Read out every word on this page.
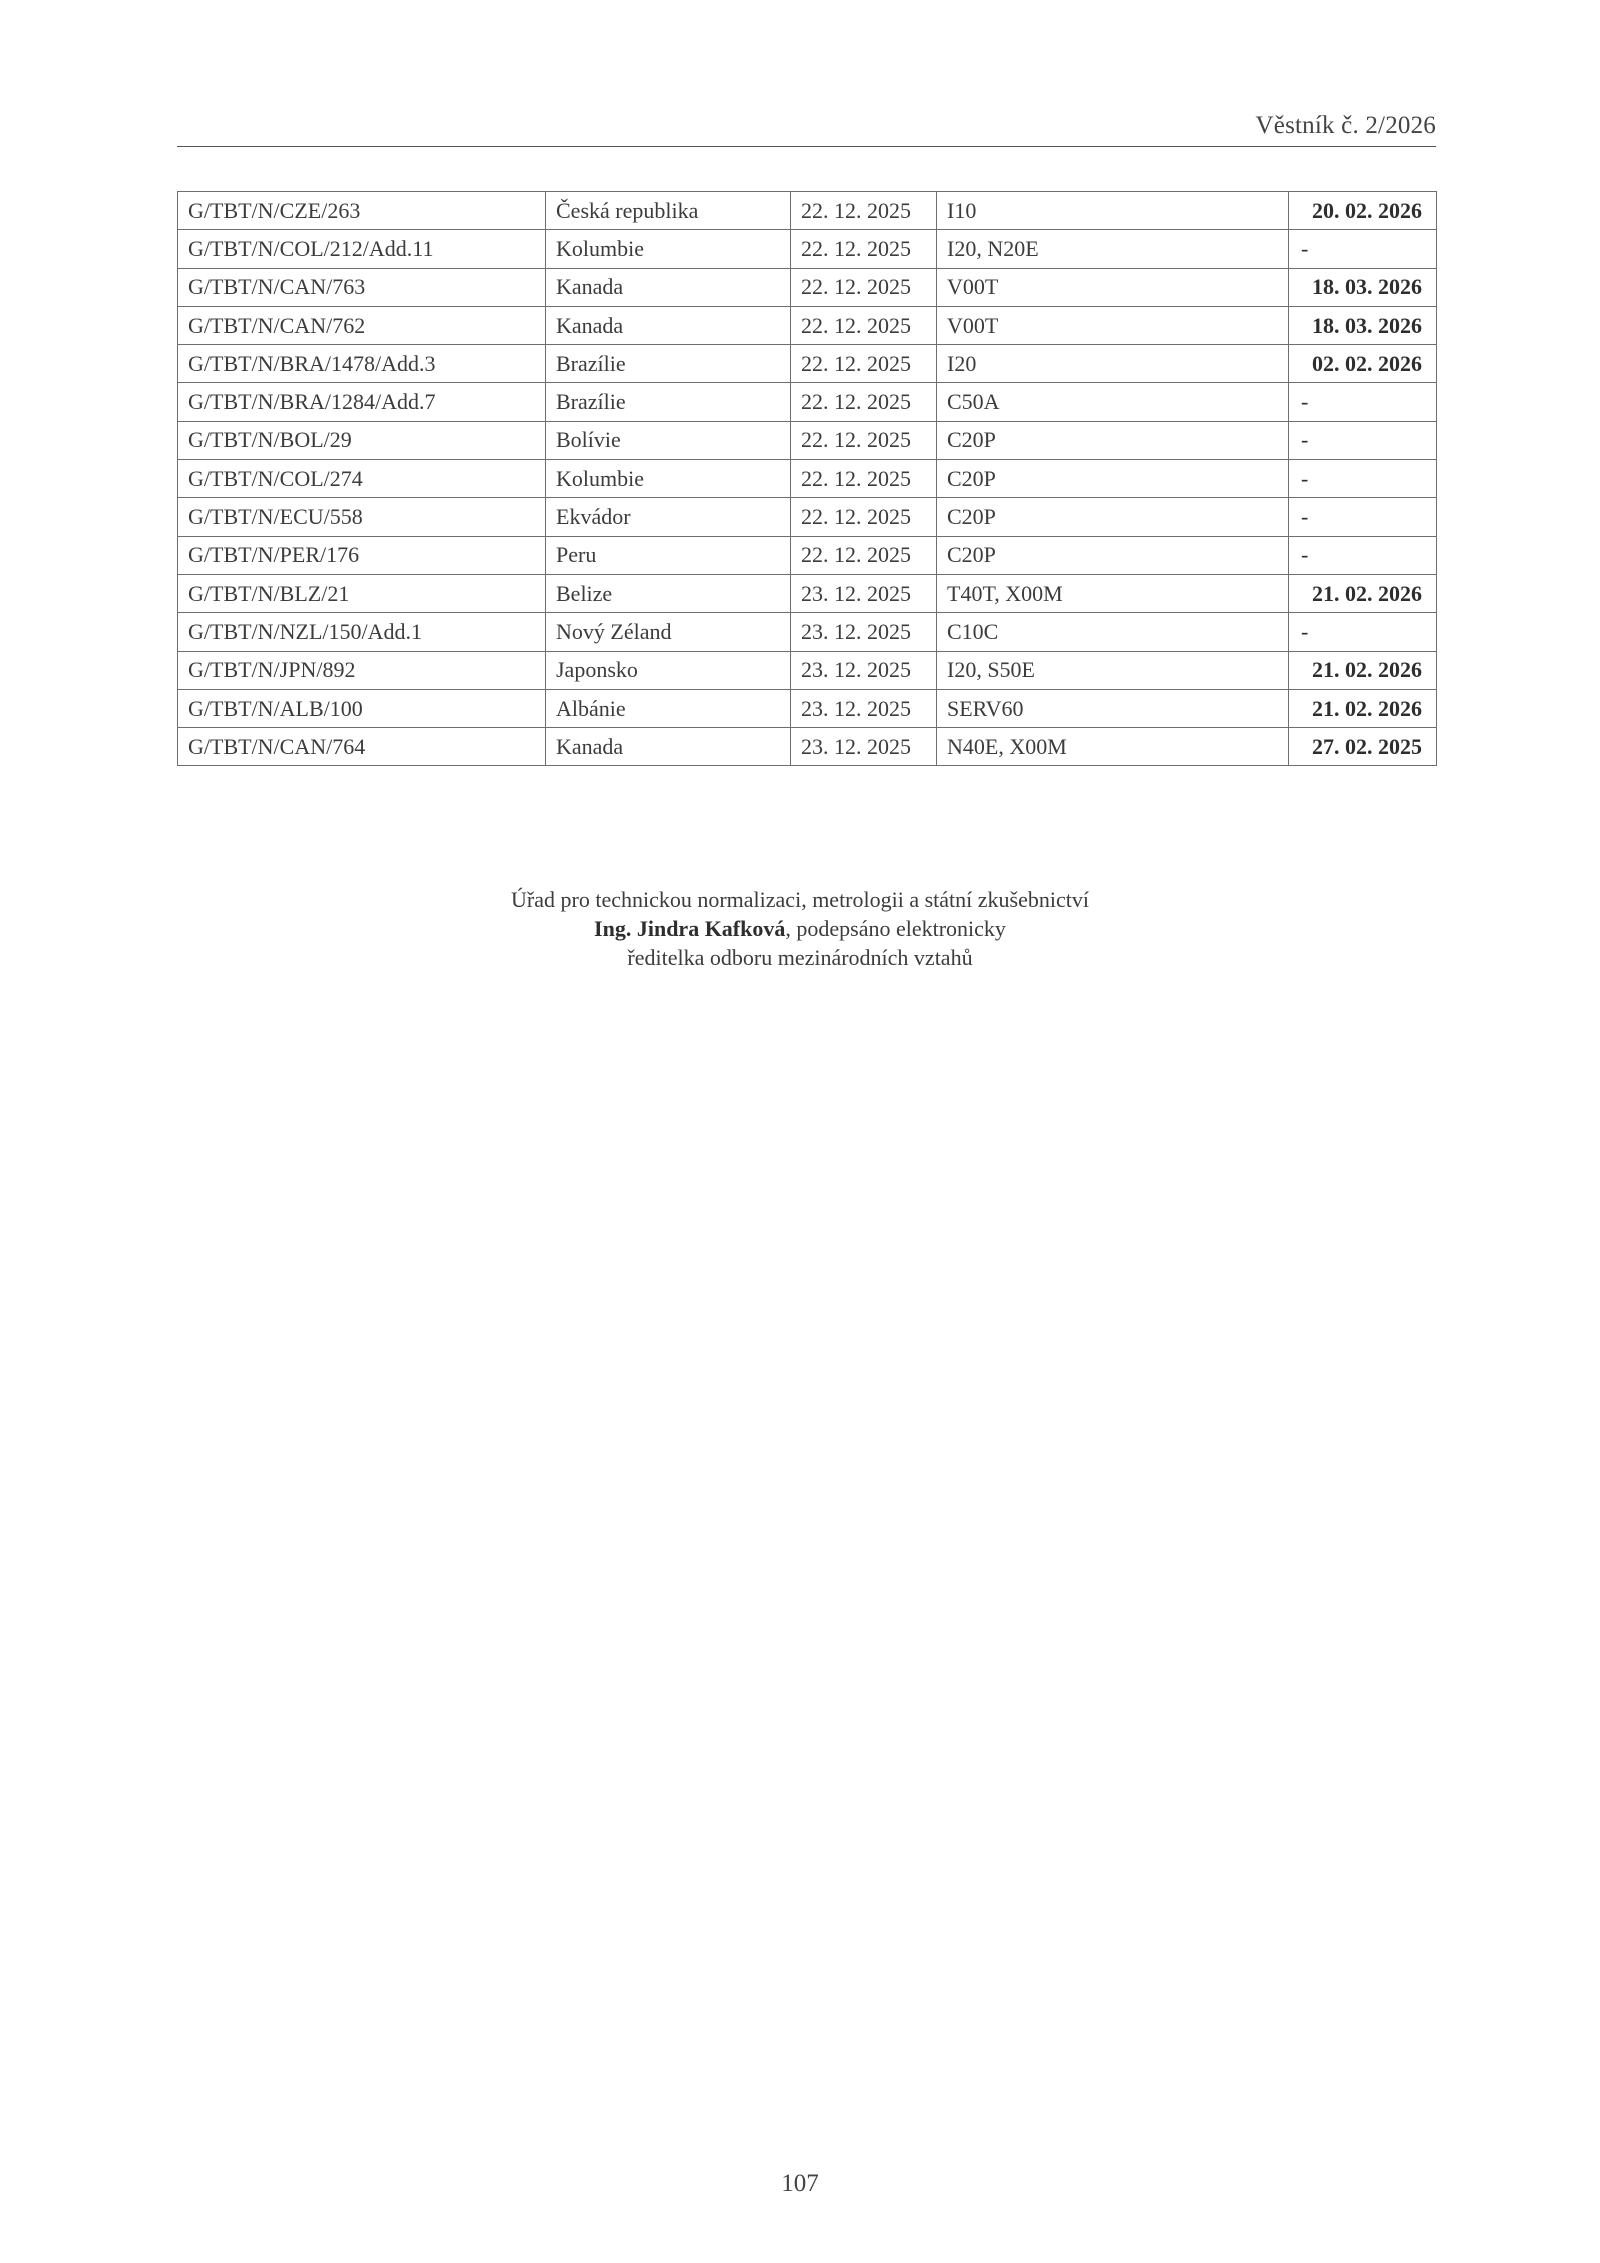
Věstník č. 2/2026
G/TBT/N/CZE/263	Česká republika	22. 12. 2025	I10	20. 02. 2026
G/TBT/N/COL/212/Add.11	Kolumbie	22. 12. 2025	I20, N20E	-
G/TBT/N/CAN/763	Kanada	22. 12. 2025	V00T	18. 03. 2026
G/TBT/N/CAN/762	Kanada	22. 12. 2025	V00T	18. 03. 2026
G/TBT/N/BRA/1478/Add.3	Brazílie	22. 12. 2025	I20	02. 02. 2026
G/TBT/N/BRA/1284/Add.7	Brazílie	22. 12. 2025	C50A	-
G/TBT/N/BOL/29	Bolívie	22. 12. 2025	C20P	-
G/TBT/N/COL/274	Kolumbie	22. 12. 2025	C20P	-
G/TBT/N/ECU/558	Ekvádor	22. 12. 2025	C20P	-
G/TBT/N/PER/176	Peru	22. 12. 2025	C20P	-
G/TBT/N/BLZ/21	Belize	23. 12. 2025	T40T, X00M	21. 02. 2026
G/TBT/N/NZL/150/Add.1	Nový Zéland	23. 12. 2025	C10C	-
G/TBT/N/JPN/892	Japonsko	23. 12. 2025	I20, S50E	21. 02. 2026
G/TBT/N/ALB/100	Albánie	23. 12. 2025	SERV60	21. 02. 2026
G/TBT/N/CAN/764	Kanada	23. 12. 2025	N40E, X00M	27. 02. 2025
Úřad pro technickou normalizaci, metrologii a státní zkušebnictví
Ing. Jindra Kafková, podepsáno elektronicky
ředitelka odboru mezinárodních vztahů
107
